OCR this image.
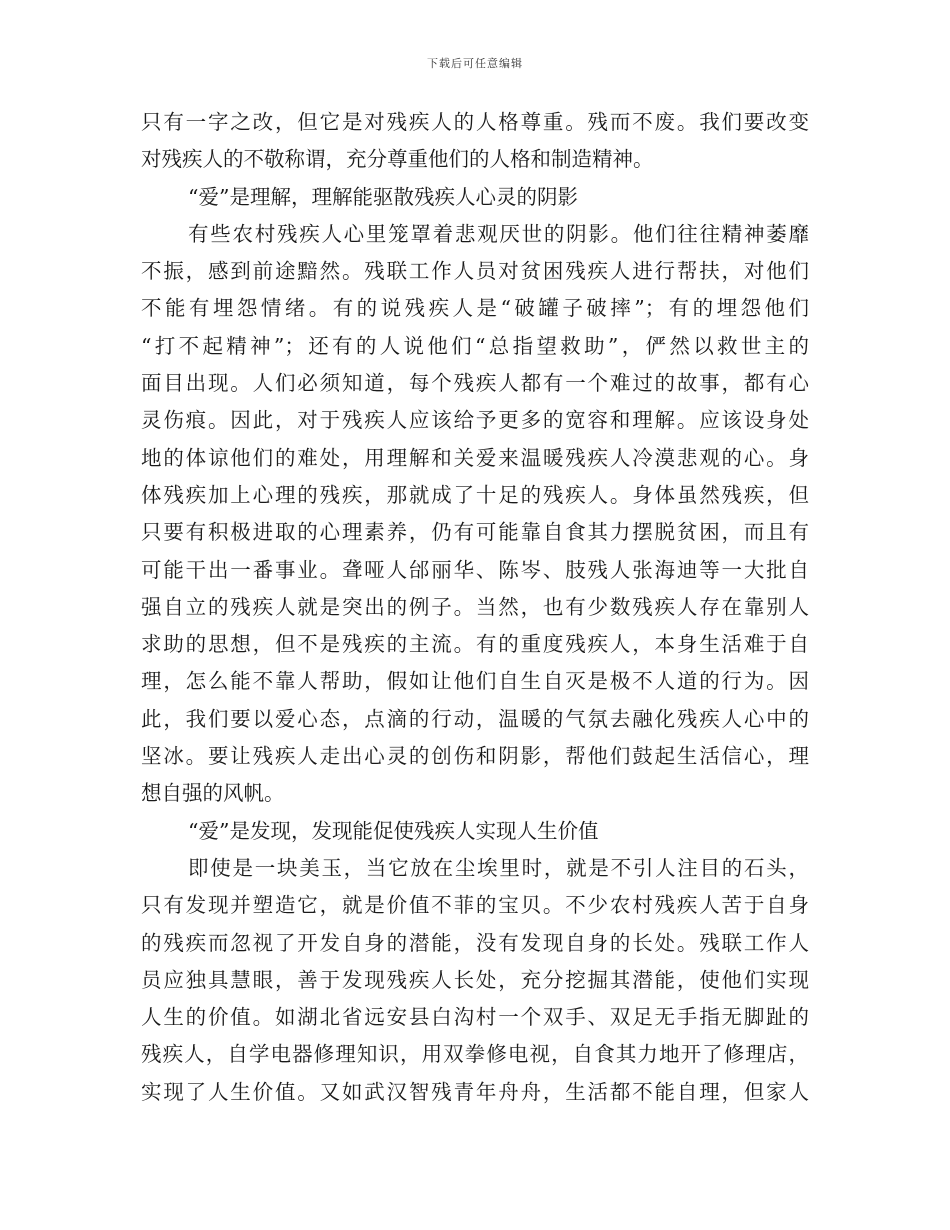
下载后可任意编辑
只有一字之改，但它是对残疾人的人格尊重。残而不废。我们要改变
对残疾人的不敬称谓，充分尊重他们的人格和制造精神。
“爱”是理解，理解能驱散残疾人心灵的阴影
有些农村残疾人心里笼罩着悲观厌世的阴影。他们往往精神萎靡
不振，感到前途黯然。残联工作人员对贫困残疾人进行帮扶，对他们
不能有埋怨情绪。有的说残疾人是“破罐子破摔”；有的埋怨他们
“打不起精神”；还有的人说他们“总指望救助”，俨然以救世主的
面目出现。人们必须知道，每个残疾人都有一个难过的故事，都有心
灵伤痕。因此，对于残疾人应该给予更多的宽容和理解。应该设身处
地的体谅他们的难处，用理解和关爱来温暖残疾人冷漠悲观的心。身
体残疾加上心理的残疾，那就成了十足的残疾人。身体虽然残疾，但
只要有积极进取的心理素养，仍有可能靠自食其力摆脱贫困，而且有
可能干出一番事业。聋哑人邰丽华、陈岑、肢残人张海迪等一大批自
强自立的残疾人就是突出的例子。当然，也有少数残疾人存在靠别人
求助的思想，但不是残疾的主流。有的重度残疾人，本身生活难于自
理，怎么能不靠人帮助，假如让他们自生自灭是极不人道的行为。因
此，我们要以爱心态，点滴的行动，温暖的气氛去融化残疾人心中的
坚冰。要让残疾人走出心灵的创伤和阴影，帮他们鼓起生活信心，理
想自强的风帆。
“爱”是发现，发现能促使残疾人实现人生价值
即使是一块美玉，当它放在尘埃里时，就是不引人注目的石头，
只有发现并塑造它，就是价值不菲的宝贝。不少农村残疾人苦于自身
的残疾而忽视了开发自身的潜能，没有发现自身的长处。残联工作人
员应独具慧眼，善于发现残疾人长处，充分挖掘其潜能，使他们实现
人生的价值。如湖北省远安县白沟村一个双手、双足无手指无脚趾的
残疾人，自学电器修理知识，用双拳修电视，自食其力地开了修理店，
实现了人生价值。又如武汉智残青年舟舟，生活都不能自理，但家人
